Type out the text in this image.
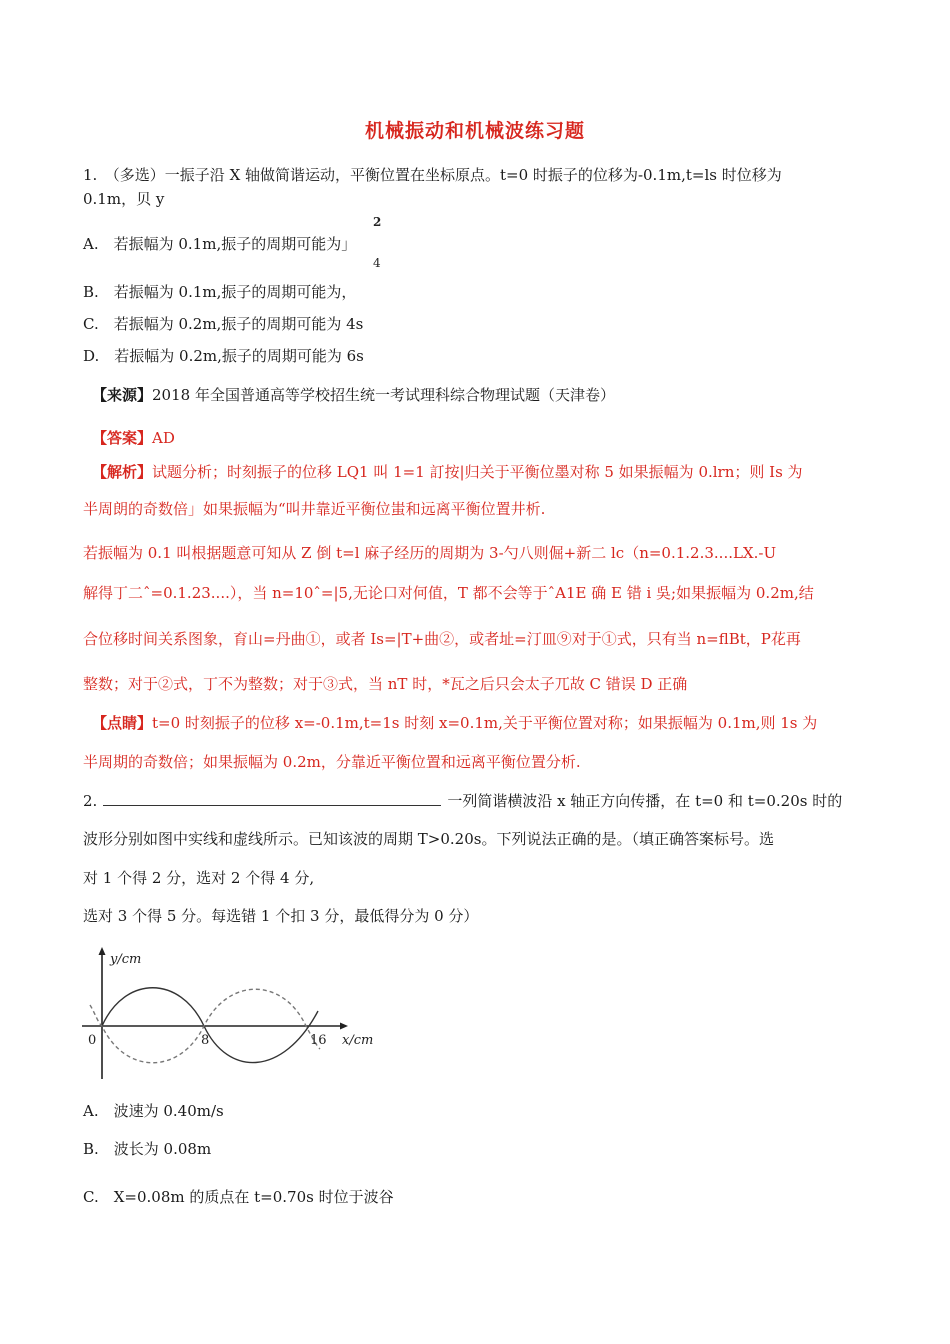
机械振动和机械波练习题
1.　（多选）一振子沿 X 轴做简谐运动，平衡位置在坐标原点。t=0 时振子的位移为-0.1m,t=ls 时位移为
0.1m，贝 y
A.　若振幅为 0.1m,振子的周期可能为」
2
4
B.　若振幅为 0.1m,振子的周期可能为，
C.　若振幅为 0.2m,振子的周期可能为 4s
D.　若振幅为 0.2m,振子的周期可能为 6s
【来源】2018 年全国普通高等学校招生统一考试理科综合物理试题（天津卷）
【答案】AD
【解析】试题分析；时刻振子的位移 LQ1 叫 1=1 訂按|归关于平衡位墨对称 5 如果振幅为 0.lrn；则 Is 为
半周朗的奇数倍」如果振幅为“叫井靠近平衡位蚩和远离平衡位置井析.
若振幅为 0.1 叫根据题意可知从 Z 倒 t=l 麻子经历的周期为 3-勺八则倔+新二 lc（n=0.1.2.3....LX.-U
解得丁二ˆ=0.1.23....），当 n=10ˆ=|5,无论口对何值，T 都不会等于ˆA1E 确 E 错 i 吳;如果振幅为 0.2m,结
合位移时间关系图象，育山=丹曲①，或者 Is=|T+曲②，或者址=汀皿⑨对于①式，只有当 n=flBt，P花再
整数；对于②式，丁不为整数；对于③式，当 nT 时，*瓦之后只会太子兀故 C 错误 D 正确
【点睛】t=0 时刻振子的位移 x=-0.1m,t=1s 时刻 x=0.1m,关于平衡位置对称；如果振幅为 0.1m,则 1s 为
半周期的奇数倍；如果振幅为 0.2m，分靠近平衡位置和远离平衡位置分析.
2.	一列简谐横波沿 x 轴正方向传播，在 t=0 和 t=0.20s 时的
波形分别如图中实线和虚线所示。已知该波的周期 T>0.20s。下列说法正确的是。（填正确答案标号。选
对 1 个得 2 分，选对 2 个得 4 分,
选对 3 个得 5 分。每选错 1 个扣 3 分，最低得分为 0 分）
y/cm
0	8	16 x/cm
A.　波速为 0.40m/s
B.　波长为 0.08m
C.　X=0.08m 的质点在 t=0.70s 时位于波谷
